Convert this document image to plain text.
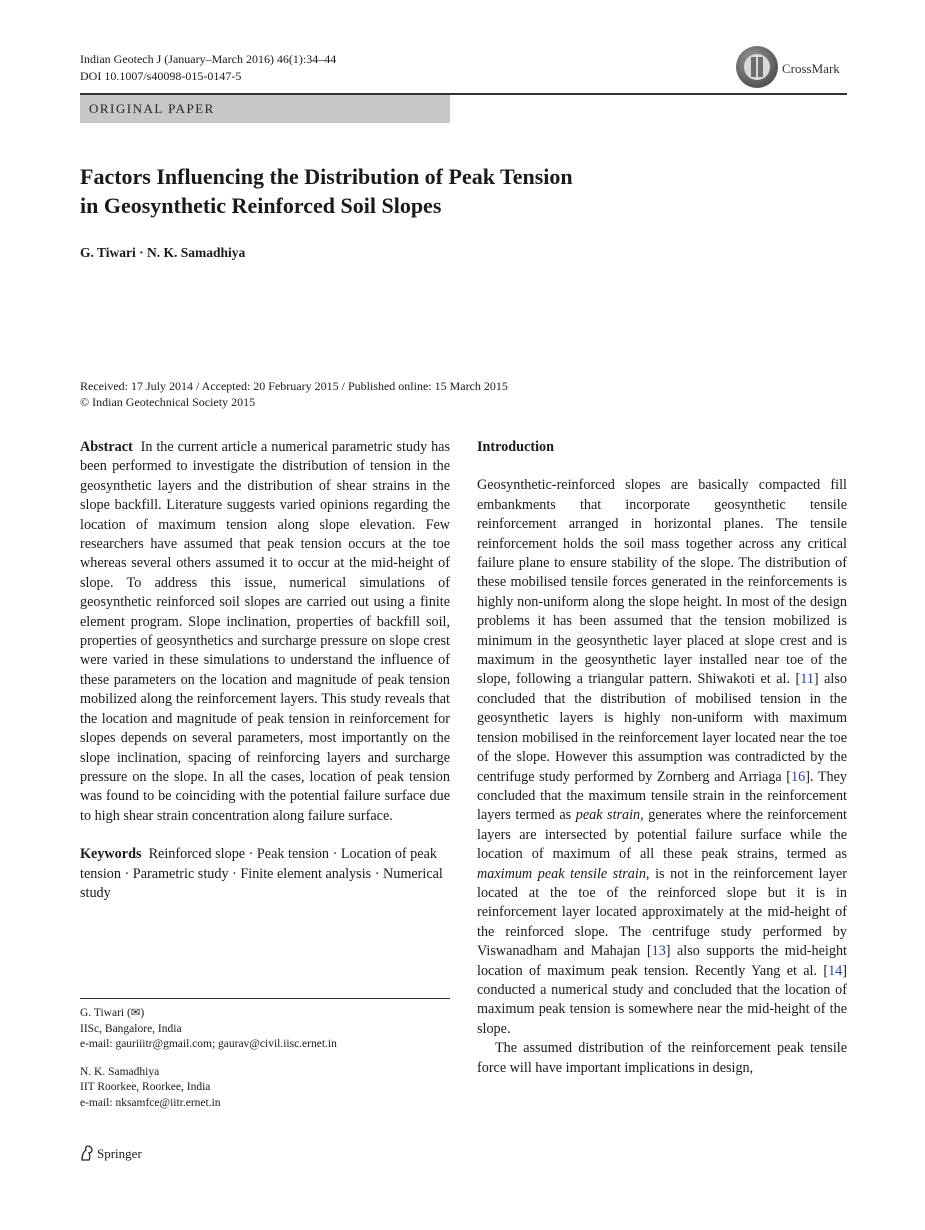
Indian Geotech J (January–March 2016) 46(1):34–44
DOI 10.1007/s40098-015-0147-5	CrossMark
ORIGINAL PAPER
Factors Influencing the Distribution of Peak Tension
in Geosynthetic Reinforced Soil Slopes
G. Tiwari · N. K. Samadhiya
Received: 17 July 2014 / Accepted: 20 February 2015 / Published online: 15 March 2015
© Indian Geotechnical Society 2015

Abstract In the current article a numerical parametric study has been performed to investigate the distribution of tension in the geosynthetic layers and the distribution of shear strains in the slope backfill. Literature suggests varied opinions regarding the location of maximum tension along slope elevation. Few researchers have assumed that peak tension occurs at the toe whereas several others assumed it to occur at the mid-height of slope. To address this issue, numerical simulations of geosynthetic reinforced soil slopes are carried out using a finite element program. Slope inclination, properties of backfill soil, properties of geosynthetics and surcharge pressure on slope crest were varied in these simulations to understand the influence of these parameters on the location and magnitude of peak tension mobilized along the reinforcement layers. This study reveals that the location and magnitude of peak tension in reinforcement for slopes depends on several parameters, most importantly on the slope inclination, spacing of reinforcing layers and surcharge pressure on the slope. In all the cases, location of peak tension was found to be coinciding with the potential failure surface due to high shear strain concentration along failure surface.

Keywords Reinforced slope · Peak tension · Location of peak tension · Parametric study · Finite element analysis · Numerical study

G. Tiwari (✉)
IISc, Bangalore, India
e-mail: gauriiitr@gmail.com; gaurav@civil.iisc.ernet.in
N. K. Samadhiya
IIT Roorkee, Roorkee, India
e-mail: nksamfce@iitr.ernet.in
Springer
Introduction

Geosynthetic-reinforced slopes are basically compacted fill embankments that incorporate geosynthetic tensile reinforcement arranged in horizontal planes. The tensile reinforcement holds the soil mass together across any critical failure plane to ensure stability of the slope. The distribution of these mobilised tensile forces generated in the reinforcements is highly non-uniform along the slope height. In most of the design problems it has been assumed that the tension mobilized is minimum in the geosynthetic layer placed at slope crest and is maximum in the geosynthetic layer installed near toe of the slope, following a triangular pattern. Shiwakoti et al. [11] also concluded that the distribution of mobilised tension in the geosynthetic layers is highly non-uniform with maximum tension mobilised in the reinforcement layer located near the toe of the slope. However this assumption was contradicted by the centrifuge study performed by Zornberg and Arriaga [16]. They concluded that the maximum tensile strain in the reinforcement layers termed as peak strain, generates where the reinforcement layers are intersected by potential failure surface while the location of maximum of all these peak strains, termed as maximum peak tensile strain, is not in the reinforcement layer located at the toe of the reinforced slope but it is in reinforcement layer located approximately at the mid-height of the reinforced slope. The centrifuge study performed by Viswanadham and Mahajan [13] also supports the mid-height location of maximum peak tension. Recently Yang et al. [14] conducted a numerical study and concluded that the location of maximum peak tension is somewhere near the mid-height of the slope.

The assumed distribution of the reinforcement peak tensile force will have important implications in design,
